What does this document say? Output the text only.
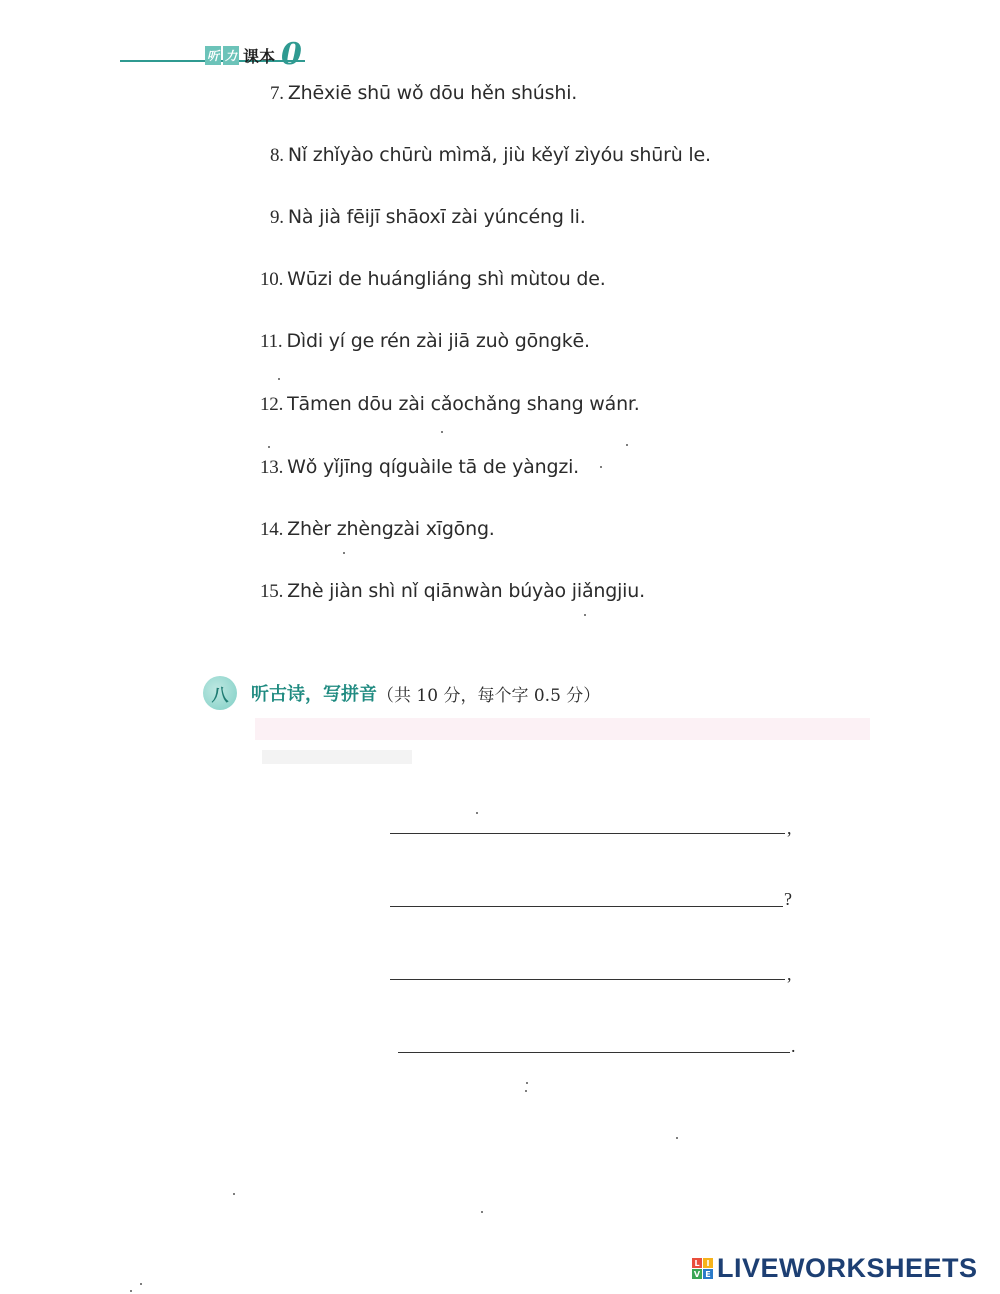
听 力 课本 0
7. Zhēxiē shū wǒ dōu hěn shúshi.
8. Nǐ zhǐyào chūrù mìmǎ, jiù kěyǐ zìyóu shūrù le.
9. Nà jià fēijī shāoxī zài yúncéng li.
10. Wūzi de huángliáng shì mùtou de.
11. Dìdi yí ge rén zài jiā zuò gōngkē.
12. Tāmen dōu zài cǎochǎng shang wánr.
13. Wǒ yǐjīng qíguàile tā de yàngzi.
14. Zhèr zhèngzài xīgōng.
15. Zhè jiàn shì nǐ qiānwàn búyào jiǎngjiu.
八	听古诗，写拼音 （共 10 分，每个字 0.5 分）
,
?
,
.
L I
V E LIVEWORKSHEETS
